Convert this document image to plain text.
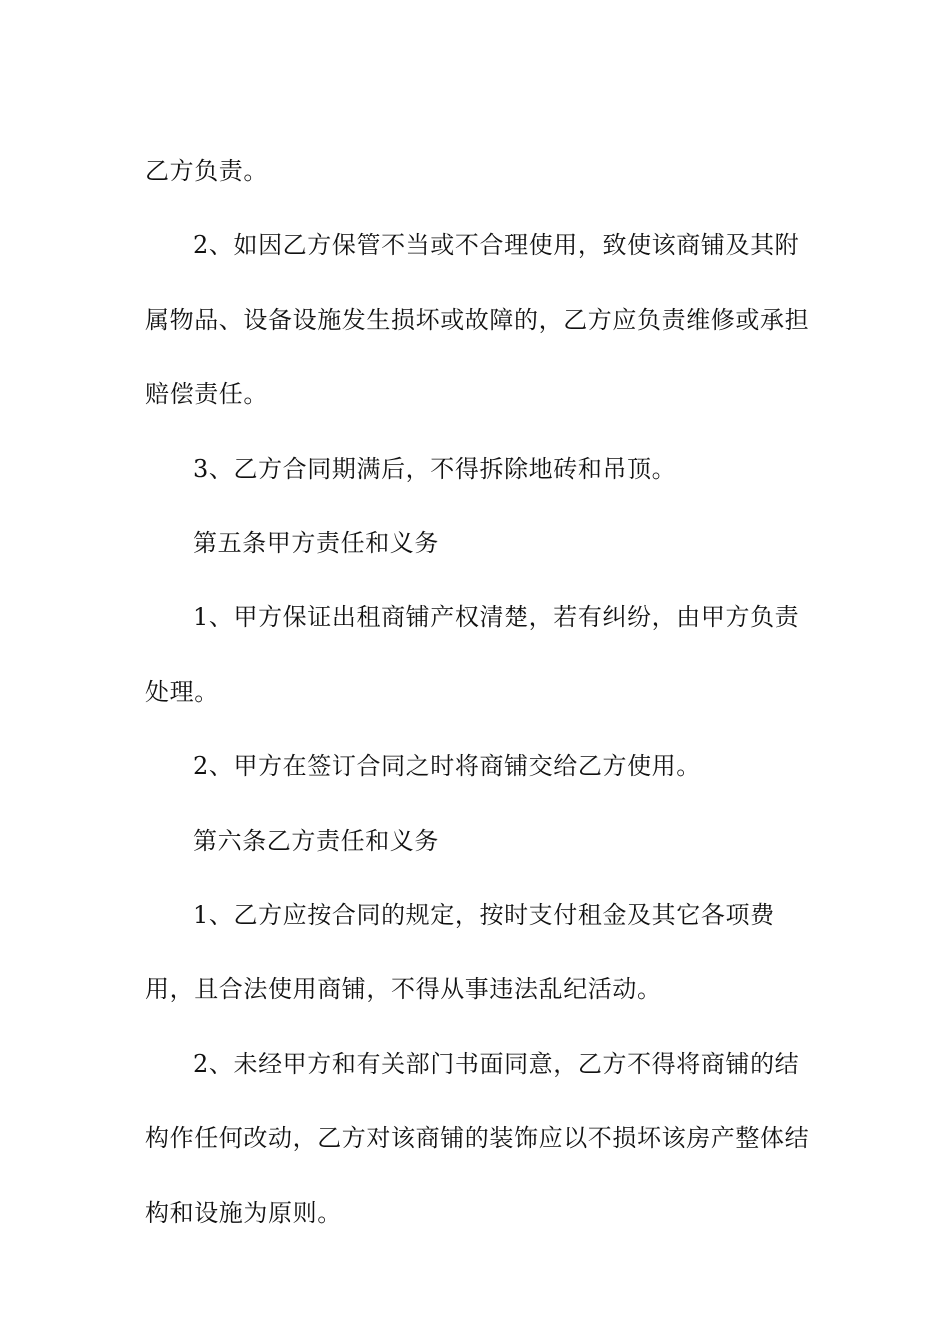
乙方负责。

2、如因乙方保管不当或不合理使用，致使该商铺及其附属物品、设备设施发生损坏或故障的，乙方应负责维修或承担赔偿责任。

3、乙方合同期满后，不得拆除地砖和吊顶。

第五条甲方责任和义务

1、甲方保证出租商铺产权清楚，若有纠纷，由甲方负责处理。

2、甲方在签订合同之时将商铺交给乙方使用。

第六条乙方责任和义务

1、乙方应按合同的规定，按时支付租金及其它各项费用，且合法使用商铺，不得从事违法乱纪活动。

2、未经甲方和有关部门书面同意，乙方不得将商铺的结构作任何改动，乙方对该商铺的装饰应以不损坏该房产整体结构和设施为原则。
